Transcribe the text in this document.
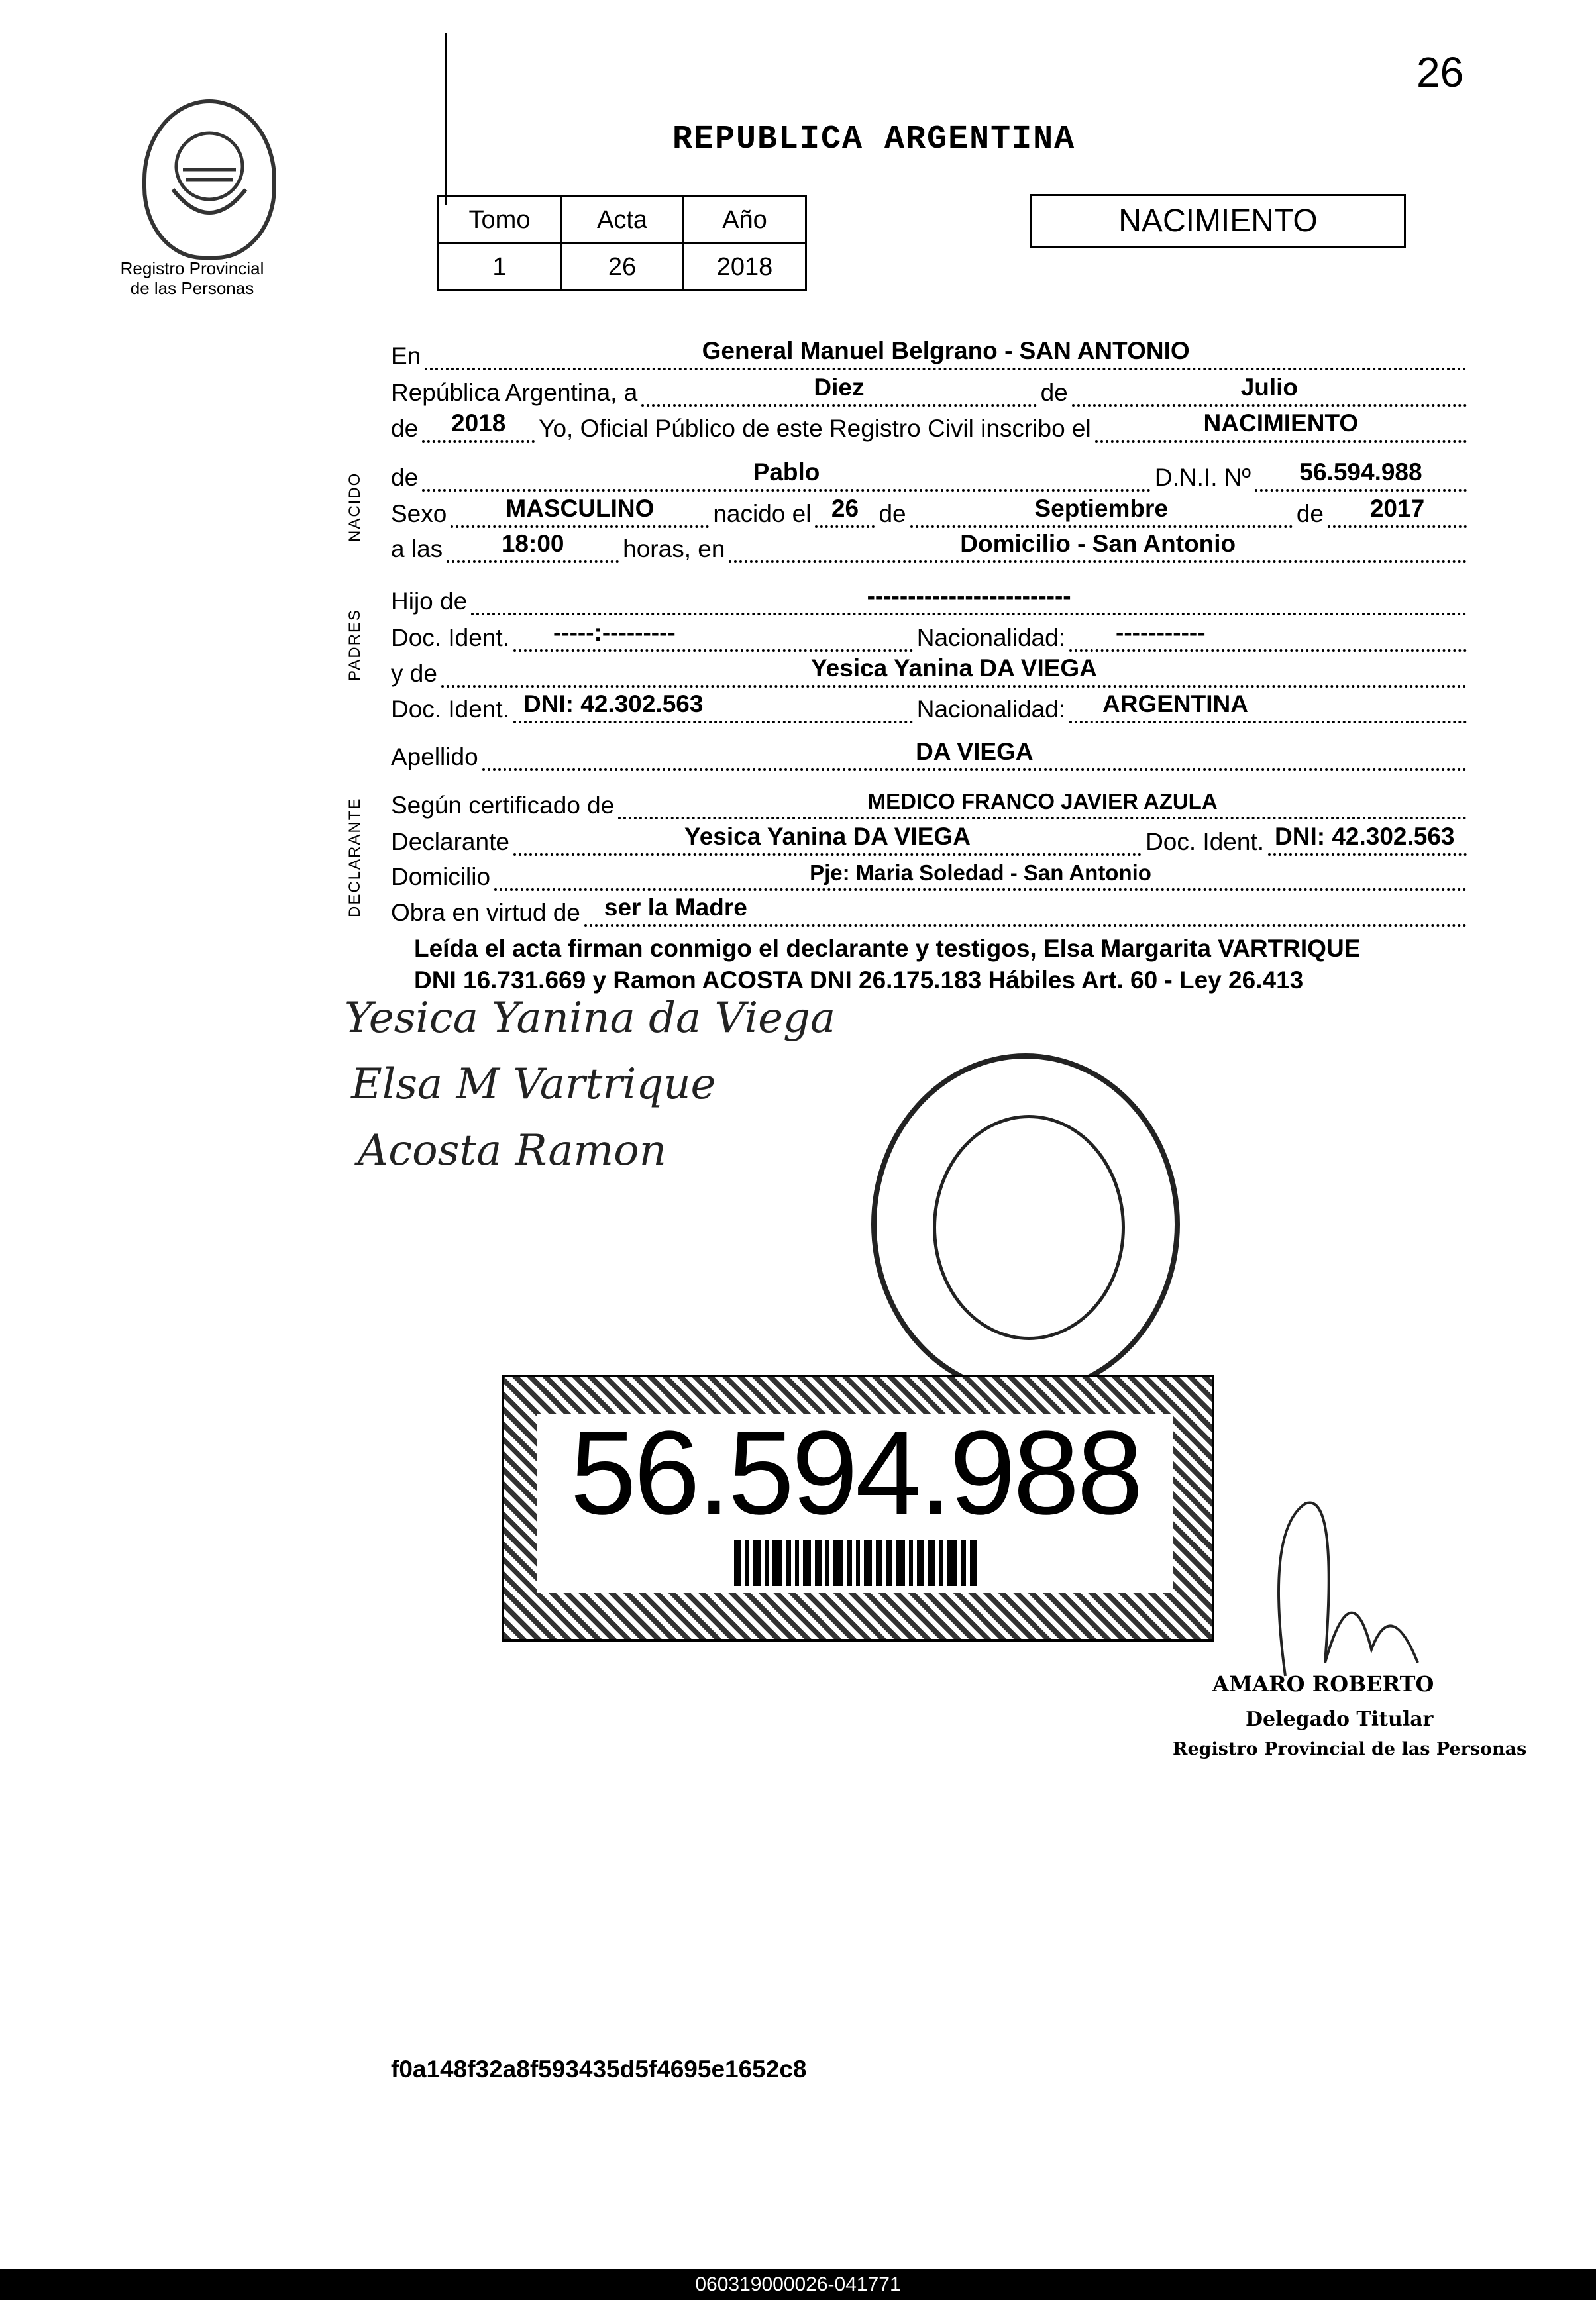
26
REPUBLICA ARGENTINA
Registro Provincial
de las Personas
Tomo	Acta	Año
1	26	2018
NACIMIENTO
NACIDO
PADRES
DECLARANTE
En	General Manuel Belgrano - SAN ANTONIO
República Argentina, a	Diez	de	Julio
de 2018 Yo, Oficial Público de este Registro Civil inscribo el	NACIMIENTO
de	Pablo	D.N.I. Nº 56.594.988
Sexo MASCULINO nacido el 26 de	Septiembre	de 2017
a las 18:00 horas, en	Domicilio - San Antonio
Hijo de	-------------------------
Doc. Ident. -----:---------	Nacionalidad: -----------
y de	Yesica Yanina DA VIEGA
Doc. Ident. DNI: 42.302.563	Nacionalidad: ARGENTINA
Apellido	DA VIEGA
Según certificado de	MEDICO FRANCO JAVIER AZULA
Declarante	Yesica Yanina DA VIEGA	Doc. Ident. DNI: 42.302.563
Domicilio	Pje: Maria Soledad - San Antonio
Obra en virtud de ser la Madre
Leída el acta firman conmigo el declarante y testigos, Elsa Margarita VARTRIQUE
DNI 16.731.669 y Ramon ACOSTA DNI 26.175.183 Hábiles Art. 60 - Ley 26.413
Yesica Yanina da Viega
Elsa M Vartrique
Acosta Ramon
56.594.988
AMARO ROBERTO
Delegado Titular
Registro Provincial de las Personas
f0a148f32a8f593435d5f4695e1652c8
060319000026-041771
